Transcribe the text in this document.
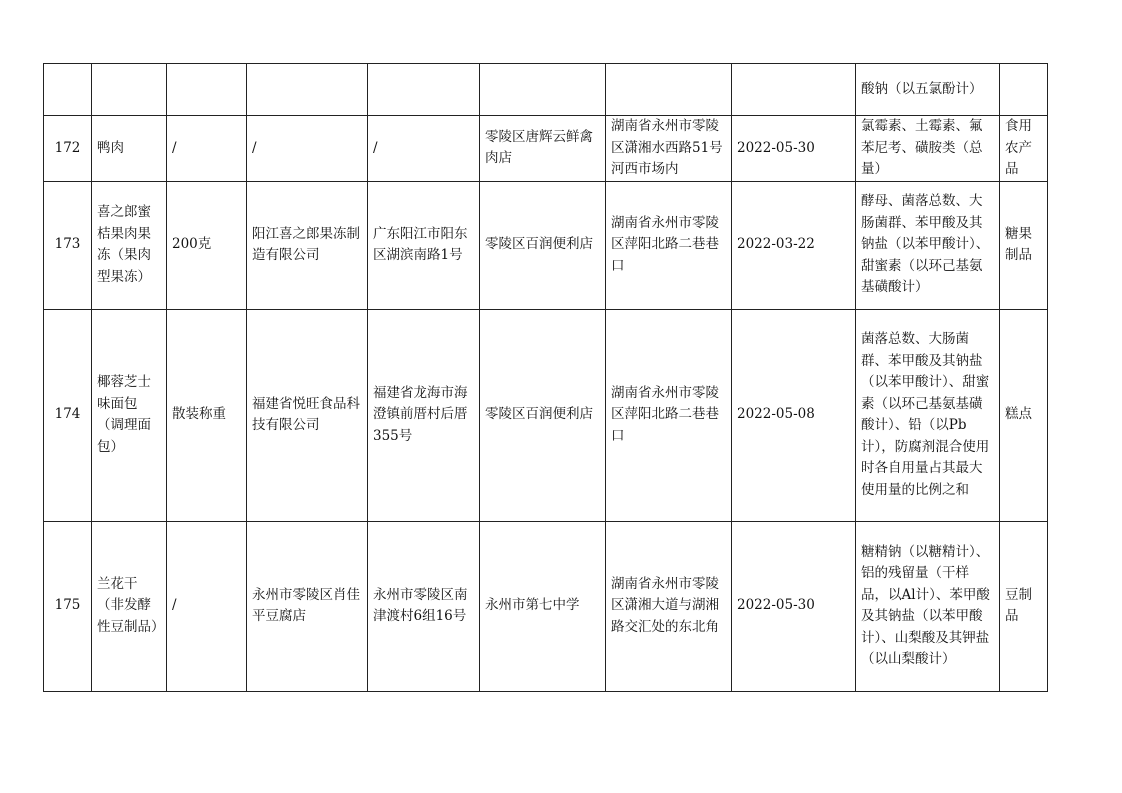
								酸钠（以五氯酚计）	
172	鸭肉	/	/	/	零陵区唐辉云鲜禽肉店	湖南省永州市零陵区潇湘水西路51号河西市场内	2022-05-30	氯霉素、土霉素、氟苯尼考、磺胺类（总量）	食用农产品
173	喜之郎蜜桔果肉果冻（果肉型果冻）	200克	阳江喜之郎果冻制造有限公司	广东阳江市阳东区湖滨南路1号	零陵区百润便利店	湖南省永州市零陵区萍阳北路二巷巷口	2022-03-22	酵母、菌落总数、大肠菌群、苯甲酸及其钠盐（以苯甲酸计）、甜蜜素（以环己基氨基磺酸计）	糖果制品
174	椰蓉芝士味面包（调理面包）	散装称重	福建省悦旺食品科技有限公司	福建省龙海市海澄镇前厝村后厝355号	零陵区百润便利店	湖南省永州市零陵区萍阳北路二巷巷口	2022-05-08	菌落总数、大肠菌群、苯甲酸及其钠盐（以苯甲酸计）、甜蜜素（以环己基氨基磺酸计）、铅（以Pb计），防腐剂混合使用时各自用量占其最大使用量的比例之和	糕点
175	兰花干（非发酵性豆制品）	/	永州市零陵区肖佳平豆腐店	永州市零陵区南津渡村6组16号	永州市第七中学	湖南省永州市零陵区潇湘大道与湖湘路交汇处的东北角	2022-05-30	糖精钠（以糖精计）、铝的残留量（干样品，以Al计）、苯甲酸及其钠盐（以苯甲酸计）、山梨酸及其钾盐（以山梨酸计）	豆制品
